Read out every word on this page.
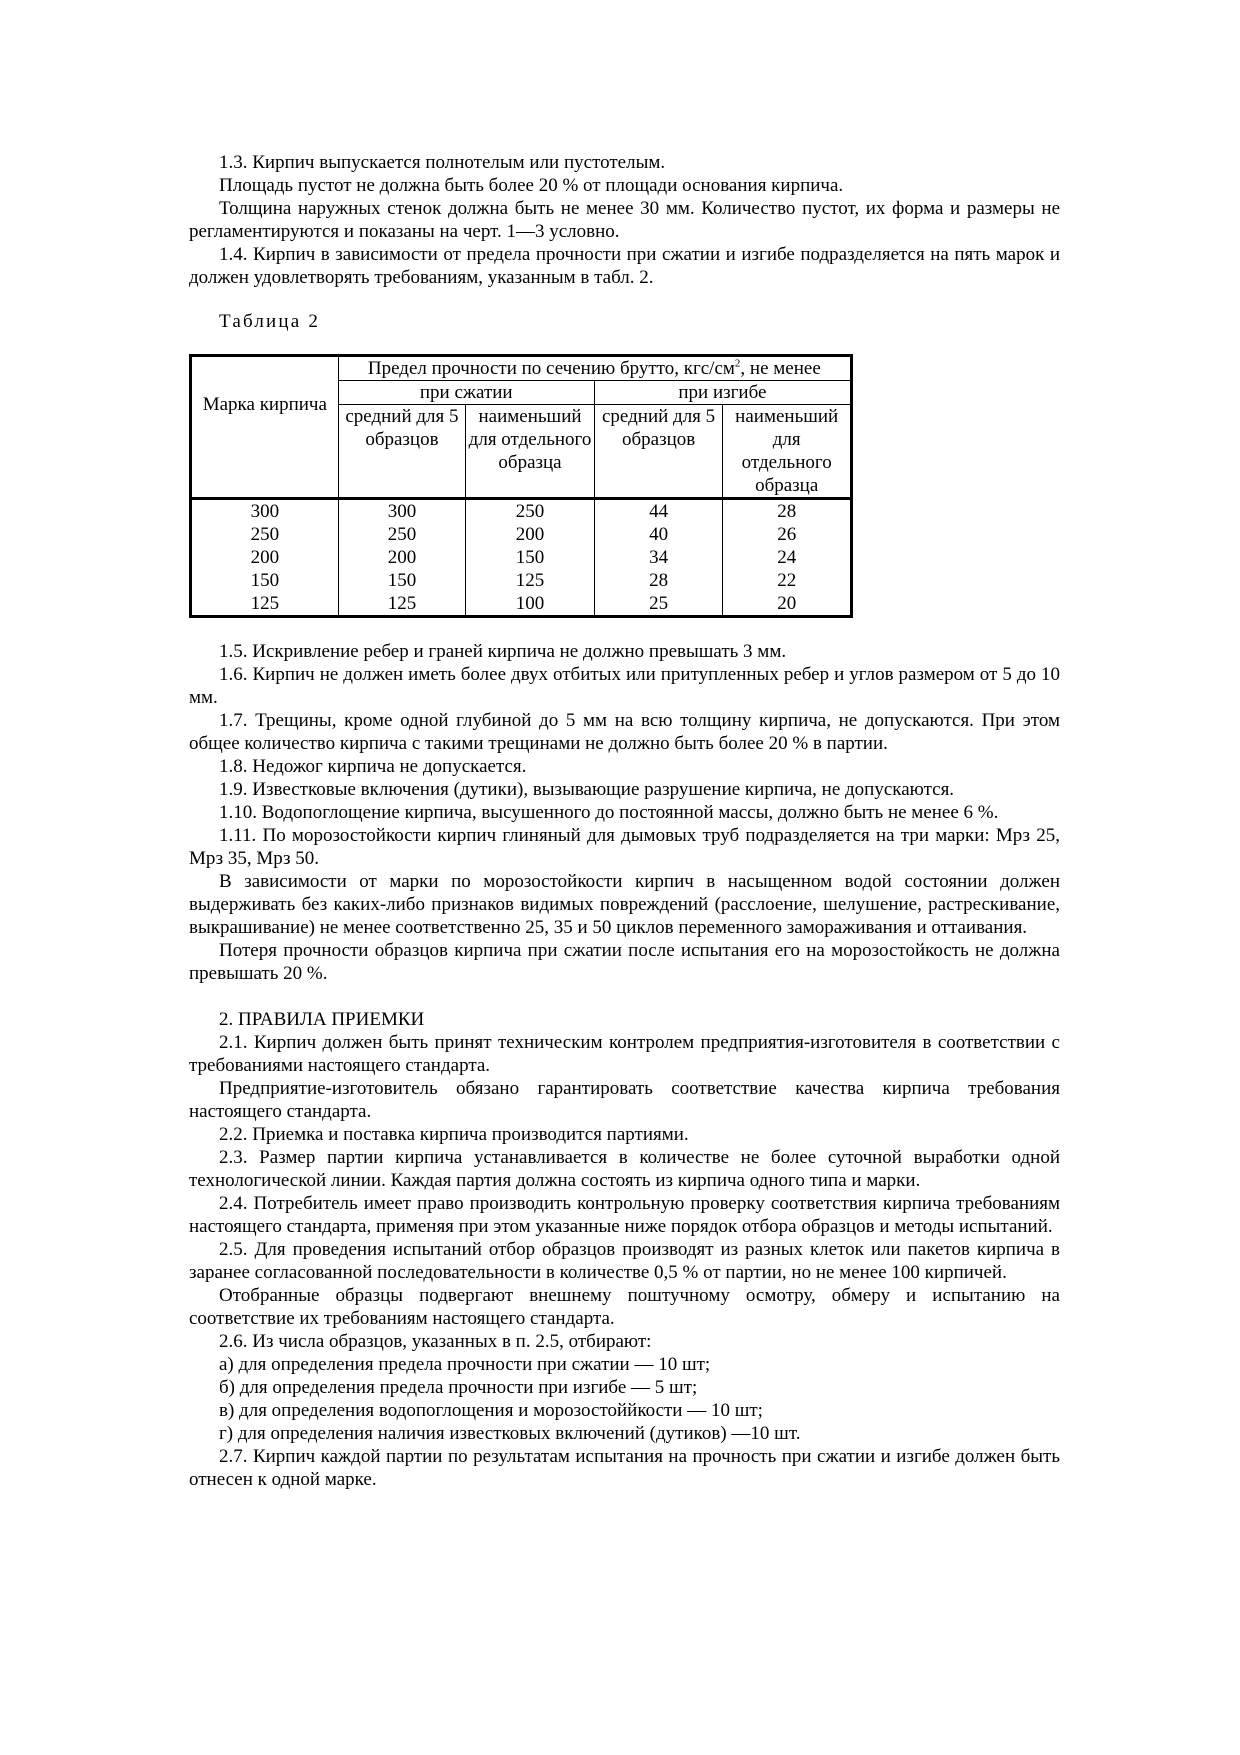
1.3. Кирпич выпускается полнотелым или пустотелым.

Площадь пустот не должна быть более 20 % от площади основания кирпича.

Толщина наружных стенок должна быть не менее 30 мм. Количество пустот, их форма и размеры не регламентируются и показаны на черт. 1—3 условно.

1.4. Кирпич в зависимости от предела прочности при сжатии и изгибе подразделяется на пять марок и должен удовлетворять требованиям, указанным в табл. 2.

Таблица 2

Марка кирпича	Предел прочности по сечению брутто, кгс/$см^2$, не менее			
	при сжатии		при изгибе	
	средний для 5 образцов	наименьший для отдельного образца	средний для 5 образцов	наименьший для отдельного образца
300	300	250	44	28
250	250	200	40	26
200	200	150	34	24
150	150	125	28	22
125	125	100	25	20

1.5. Искривление ребер и граней кирпича не должно превышать 3 мм.

1.6. Кирпич не должен иметь более двух отбитых или притупленных ребер и углов размером от 5 до 10 мм.

1.7. Трещины, кроме одной глубиной до 5 мм на всю толщину кирпича, не допускаются. При этом общее количество кирпича с такими трещинами не должно быть более 20 % в партии.

1.8. Недожог кирпича не допускается.

1.9. Известковые включения (дутики), вызывающие разрушение кирпича, не допускаются.

1.10. Водопоглощение кирпича, высушенного до постоянной массы, должно быть не менее 6 %.

1.11. По морозостойкости кирпич глиняный для дымовых труб подразделяется на три марки: Мрз 25, Мрз 35, Мрз 50.

В зависимости от марки по морозостойкости кирпич в насыщенном водой состоянии должен выдерживать без каких-либо признаков видимых повреждений (расслоение, шелушение, растрескивание, выкрашивание) не менее соответственно 25, 35 и 50 циклов переменного замораживания и оттаивания.

Потеря прочности образцов кирпича при сжатии после испытания его на морозостойкость не должна превышать 20 %.

2. ПРАВИЛА ПРИЕМКИ

2.1. Кирпич должен быть принят техническим контролем предприятия-изготовителя в соответствии с требованиями настоящего стандарта.

Предприятие-изготовитель обязано гарантировать соответствие качества кирпича требования настоящего стандарта.

2.2. Приемка и поставка кирпича производится партиями.

2.3. Размер партии кирпича устанавливается в количестве не более суточной выработки одной технологической линии. Каждая партия должна состоять из кирпича одного типа и марки.

2.4. Потребитель имеет право производить контрольную проверку соответствия кирпича требованиям настоящего стандарта, применяя при этом указанные ниже порядок отбора образцов и методы испытаний.

2.5. Для проведения испытаний отбор образцов производят из разных клеток или пакетов кирпича в заранее согласованной последовательности в количестве 0,5 % от партии, но не менее 100 кирпичей.

Отобранные образцы подвергают внешнему поштучному осмотру, обмеру и испытанию на соответствие их требованиям настоящего стандарта.

2.6. Из числа образцов, указанных в п. 2.5, отбирают:

а) для определения предела прочности при сжатии — 10 шт;

б) для определения предела прочности при изгибе — 5 шт;

в) для определения водопоглощения и морозостоййкости — 10 шт;

г) для определения наличия известковых включений (дутиков) —10 шт.

2.7. Кирпич каждой партии по результатам испытания на прочность при сжатии и изгибе должен быть отнесен к одной марке.
